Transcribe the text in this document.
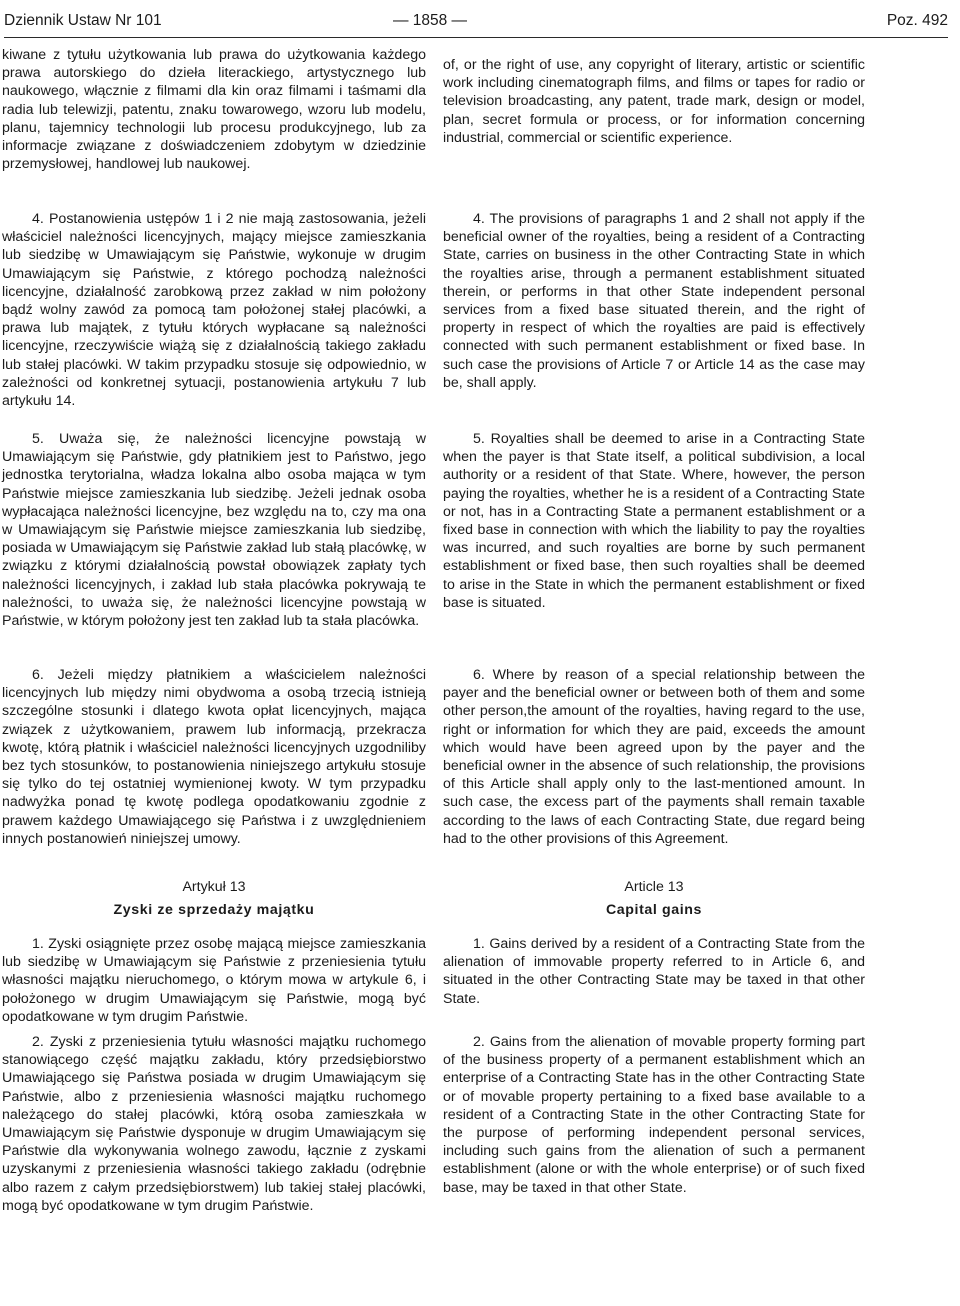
Dziennik Ustaw Nr 101	— 1858 —	Poz. 492

kiwane z tytułu użytkowania lub prawa do użytkowania każdego prawa autorskiego do dzieła literackiego, artystycznego lub naukowego, włącznie z filmami dla kin oraz filmami i taśmami dla radia lub telewizji, patentu, znaku towarowego, wzoru lub modelu, planu, tajemnicy technologii lub procesu produkcyjnego, lub za informacje związane z doświadczeniem zdobytym w dziedzinie przemysłowej, handlowej lub naukowej.

4. Postanowienia ustępów 1 i 2 nie mają zastosowania, jeżeli właściciel należności licencyjnych, mający miejsce zamieszkania lub siedzibę w Umawiającym się Państwie, wykonuje w drugim Umawiającym się Państwie, z którego pochodzą należności licencyjne, działalność zarobkową przez zakład w nim położony bądź wolny zawód za pomocą tam położonej stałej placówki, a prawa lub majątek, z tytułu których wypłacane są należności licencyjne, rzeczywiście wiążą się z działalnością takiego zakładu lub stałej placówki. W takim przypadku stosuje się odpowiednio, w zależności od konkretnej sytuacji, postanowienia artykułu 7 lub artykułu 14.

5. Uważa się, że należności licencyjne powstają w Umawiającym się Państwie, gdy płatnikiem jest to Państwo, jego jednostka terytorialna, władza lokalna albo osoba mająca w tym Państwie miejsce zamieszkania lub siedzibę. Jeżeli jednak osoba wypłacająca należności licencyjne, bez względu na to, czy ma ona w Umawiającym się Państwie miejsce zamieszkania lub siedzibę, posiada w Umawiającym się Państwie zakład lub stałą placówkę, w związku z którymi działalnością powstał obowiązek zapłaty tych należności licencyjnych, i zakład lub stała placówka pokrywają te należności, to uważa się, że należności licencyjne powstają w Państwie, w którym położony jest ten zakład lub ta stała placówka.

6. Jeżeli między płatnikiem a właścicielem należności licencyjnych lub między nimi obydwoma a osobą trzecią istnieją szczególne stosunki i dlatego kwota opłat licencyjnych, mająca związek z użytkowaniem, prawem lub informacją, przekracza kwotę, którą płatnik i właściciel należności licencyjnych uzgodniliby bez tych stosunków, to postanowienia niniejszego artykułu stosuje się tylko do tej ostatniej wymienionej kwoty. W tym przypadku nadwyżka ponad tę kwotę podlega opodatkowaniu zgodnie z prawem każdego Umawiającego się Państwa i z uwzględnieniem innych postanowień niniejszej umowy.

Artykuł 13

Zyski ze sprzedaży majątku

1. Zyski osiągnięte przez osobę mającą miejsce zamieszkania lub siedzibę w Umawiającym się Państwie z przeniesienia tytułu własności majątku nieruchomego, o którym mowa w artykule 6, i położonego w drugim Umawiającym się Państwie, mogą być opodatkowane w tym drugim Państwie.

2. Zyski z przeniesienia tytułu własności majątku ruchomego stanowiącego część majątku zakładu, który przedsiębiorstwo Umawiającego się Państwa posiada w drugim Umawiającym się Państwie, albo z przeniesienia własności majątku ruchomego należącego do stałej placówki, którą osoba zamieszkała w Umawiającym się Państwie dysponuje w drugim Umawiającym się Państwie dla wykonywania wolnego zawodu, łącznie z zyskami uzyskanymi z przeniesienia własności takiego zakładu (odrębnie albo razem z całym przedsiębiorstwem) lub takiej stałej placówki, mogą być opodatkowane w tym drugim Państwie.

of, or the right of use, any copyright of literary, artistic or scientific work including cinematograph films, and films or tapes for radio or television broadcasting, any patent, trade mark, design or model, plan, secret formula or process, or for information concerning industrial, commercial or scientific experience.

4. The provisions of paragraphs 1 and 2 shall not apply if the beneficial owner of the royalties, being a resident of a Contracting State, carries on business in the other Contracting State in which the royalties arise, through a permanent establishment situated therein, or performs in that other State independent personal services from a fixed base situated therein, and the right of property in respect of which the royalties are paid is effectively connected with such permanent establishment or fixed base. In such case the provisions of Article 7 or Article 14 as the case may be, shall apply.

5. Royalties shall be deemed to arise in a Contracting State when the payer is that State itself, a political subdivision, a local authority or a resident of that State. Where, however, the person paying the royalties, whether he is a resident of a Contracting State or not, has in a Contracting State a permanent establishment or a fixed base in connection with which the liability to pay the royalties was incurred, and such royalties are borne by such permanent establishment or fixed base, then such royalties shall be deemed to arise in the State in which the permanent establishment or fixed base is situated.

6. Where by reason of a special relationship between the payer and the beneficial owner or between both of them and some other person,the amount of the royalties, having regard to the use, right or information for which they are paid, exceeds the amount which would have been agreed upon by the payer and the beneficial owner in the absence of such relationship, the provisions of this Article shall apply only to the last-mentioned amount. In such case, the excess part of the payments shall remain taxable according to the laws of each Contracting State, due regard being had to the other provisions of this Agreement.

Article 13

Capital gains

1. Gains derived by a resident of a Contracting State from the alienation of immovable property referred to in Article 6, and situated in the other Contracting State may be taxed in that other State.

2. Gains from the alienation of movable property forming part of the business property of a permanent establishment which an enterprise of a Contracting State has in the other Contracting State or of movable property pertaining to a fixed base available to a resident of a Contracting State in the other Contracting State for the purpose of performing independent personal services, including such gains from the alienation of such a permanent establishment (alone or with the whole enterprise) or of such fixed base, may be taxed in that other State.
